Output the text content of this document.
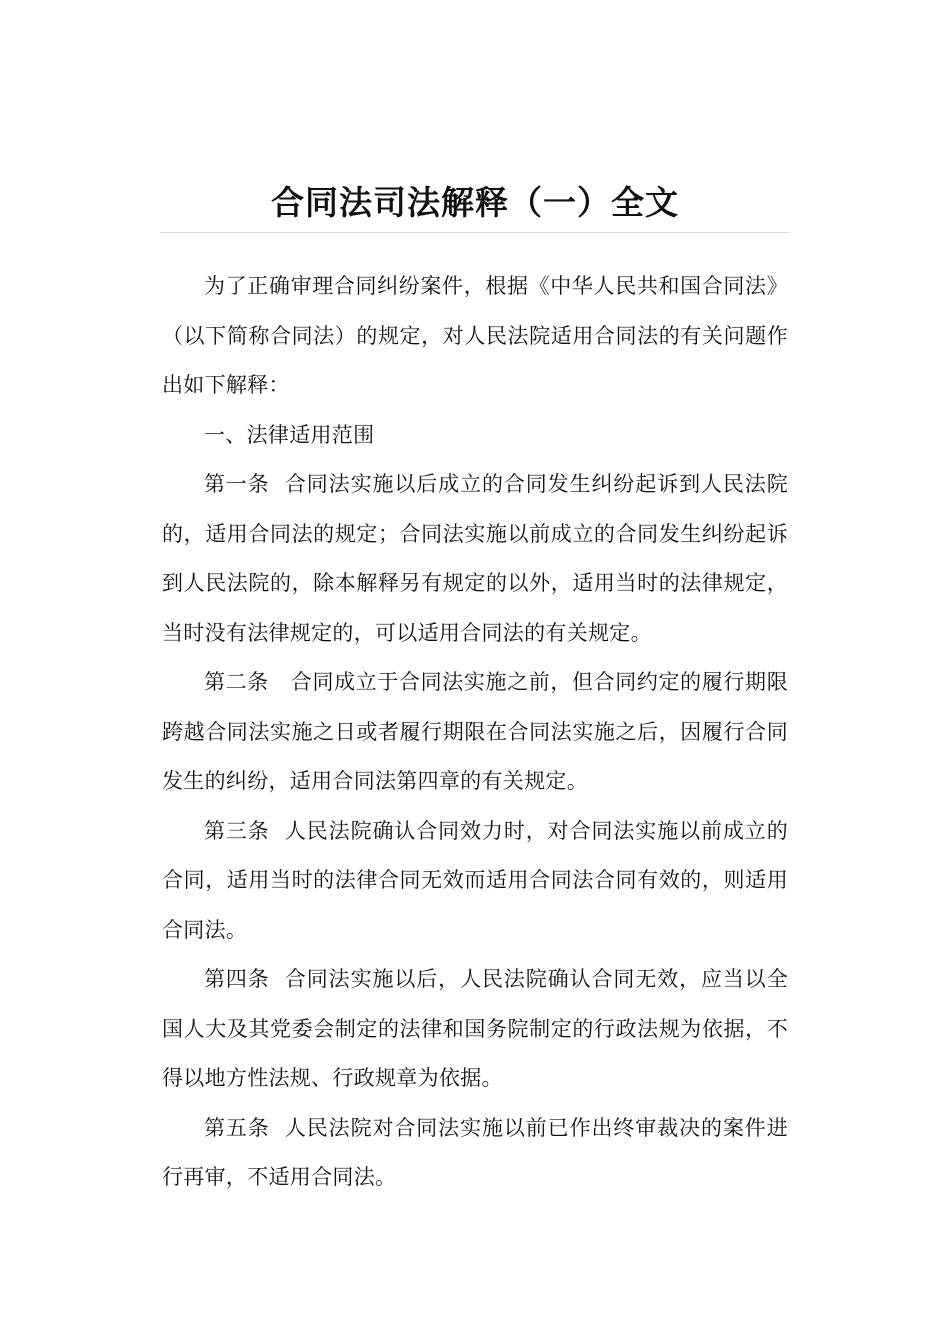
合同法司法解释（一）全文

为了正确审理合同纠纷案件，根据《中华人民共和国合同法》（以下简称合同法）的规定，对人民法院适用合同法的有关问题作出如下解释：

一、法律适用范围

第一条  合同法实施以后成立的合同发生纠纷起诉到人民法院的，适用合同法的规定；合同法实施以前成立的合同发生纠纷起诉到人民法院的，除本解释另有规定的以外，适用当时的法律规定，当时没有法律规定的，可以适用合同法的有关规定。

第二条   合同成立于合同法实施之前，但合同约定的履行期限跨越合同法实施之日或者履行期限在合同法实施之后，因履行合同发生的纠纷，适用合同法第四章的有关规定。

第三条  人民法院确认合同效力时，对合同法实施以前成立的合同，适用当时的法律合同无效而适用合同法合同有效的，则适用合同法。

第四条  合同法实施以后，人民法院确认合同无效，应当以全国人大及其党委会制定的法律和国务院制定的行政法规为依据，不得以地方性法规、行政规章为依据。

第五条  人民法院对合同法实施以前已作出终审裁决的案件进行再审，不适用合同法。
